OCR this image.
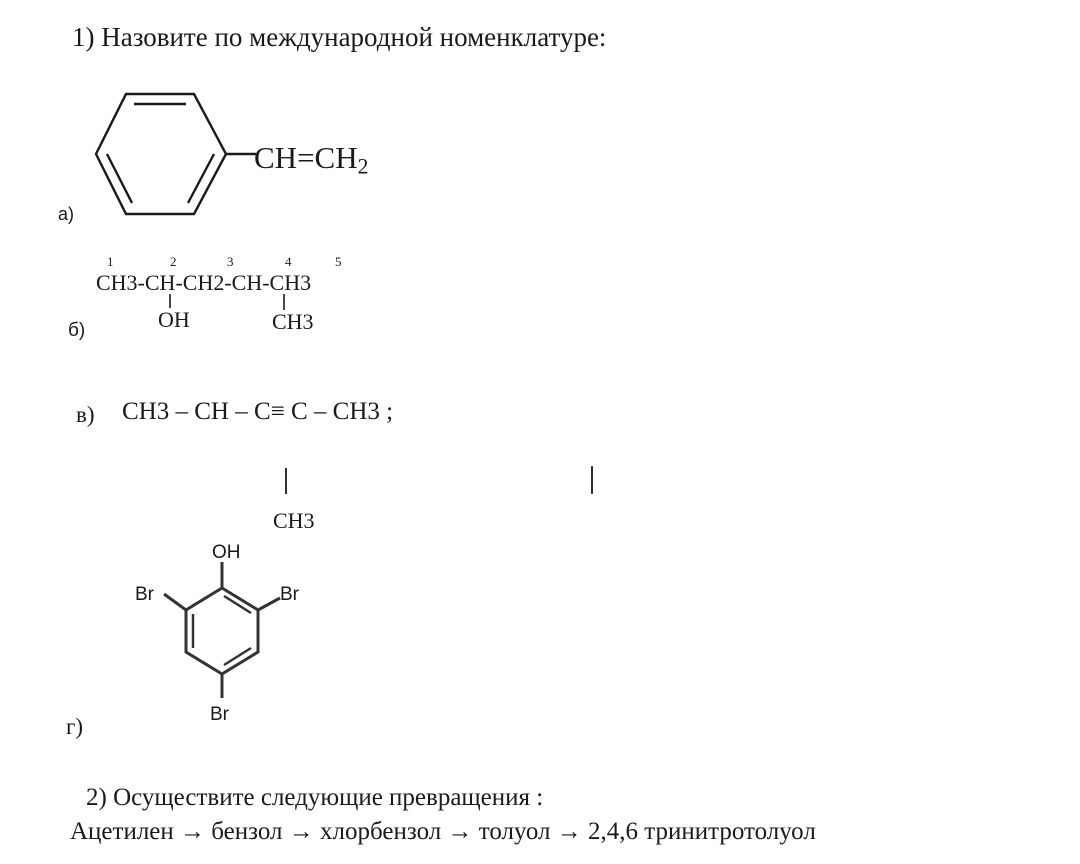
1) Назовите по международной номенклатуре:
$CH=CH_2$
а)
1	2	3	4	5
CH3-CH-CH2-CH-CH3
OH	CH3
б)
в) CH3 – CH – C≡ C – CH3 ;
CH3
OH
Br	Br
Br
г)
2) Осуществите следующие превращения :
Ацетилен → бензол → хлорбензол → толуол → 2,4,6 тринитротолуол
